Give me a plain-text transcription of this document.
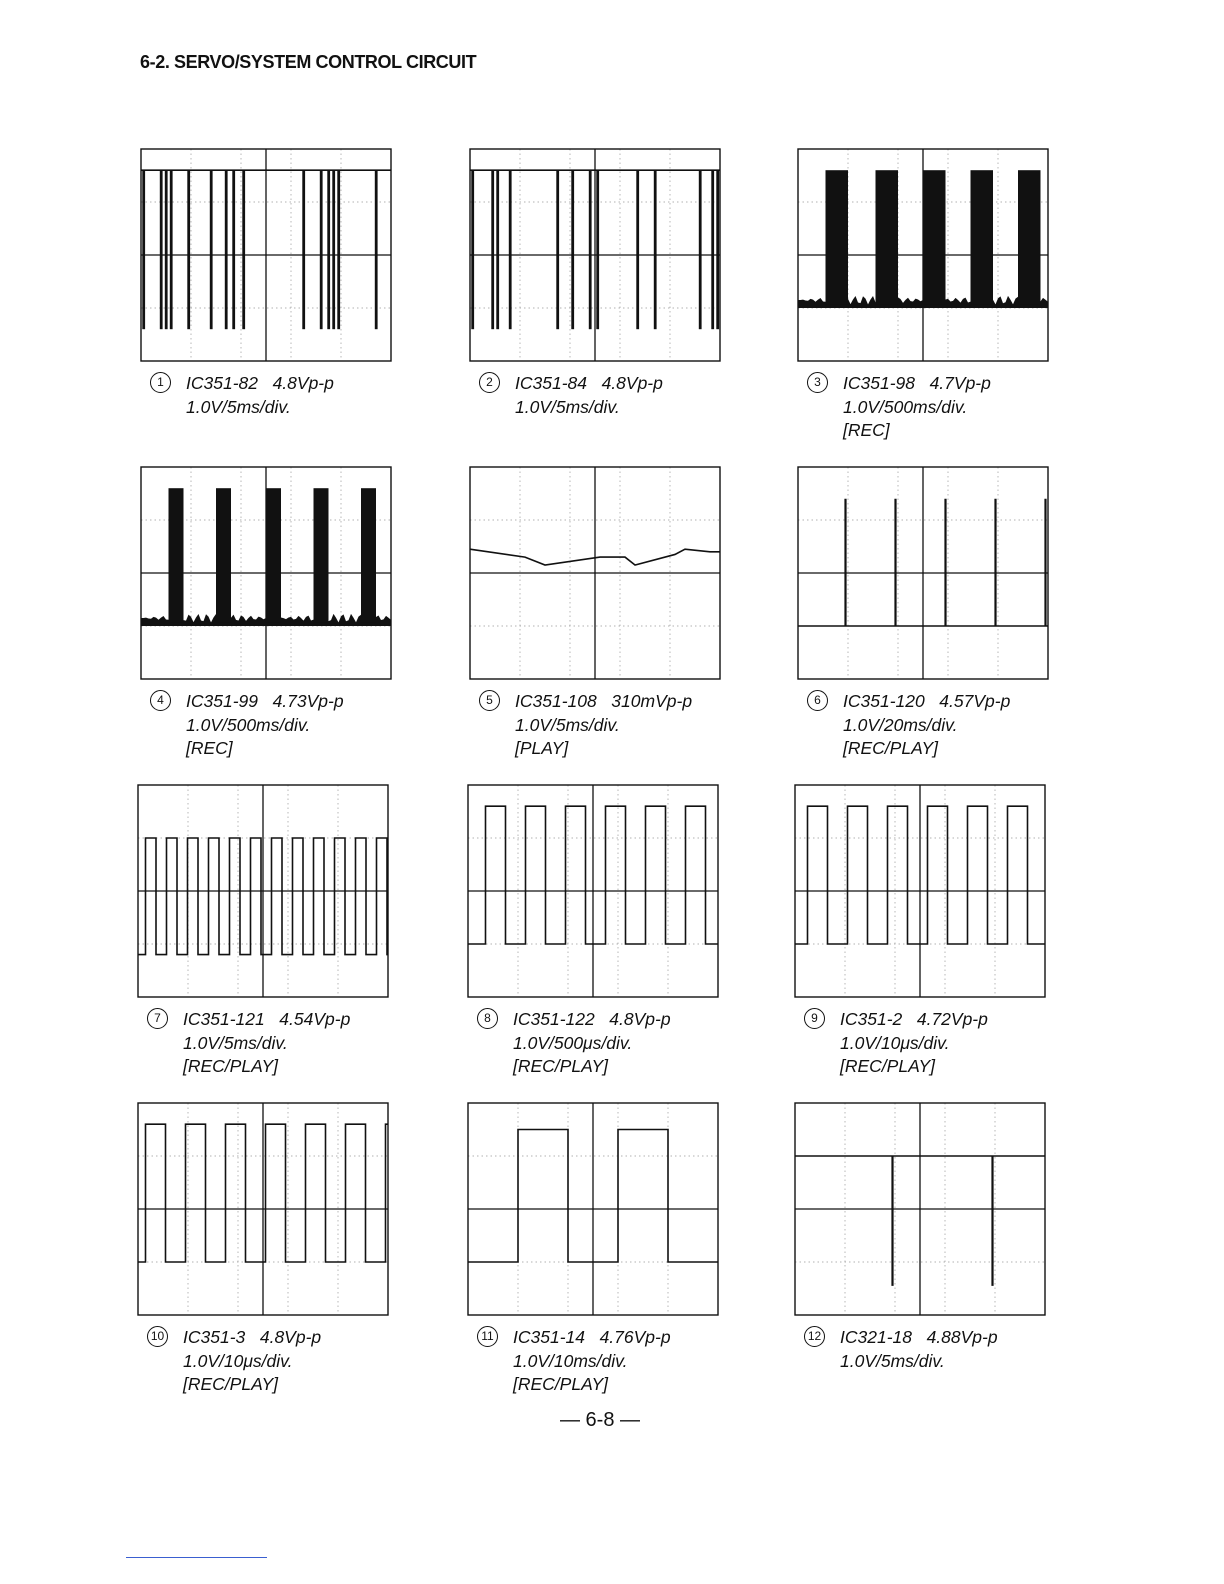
6-2. SERVO/SYSTEM CONTROL CIRCUIT
1	IC351-82   4.8Vp-p
1.0V/5ms/div.
2	IC351-84   4.8Vp-p
1.0V/5ms/div.
3	IC351-98   4.7Vp-p
1.0V/500ms/div.
[REC]
4	IC351-99   4.73Vp-p
1.0V/500ms/div.
[REC]
5	IC351-108   310mVp-p
1.0V/5ms/div.
[PLAY]
6	IC351-120   4.57Vp-p
1.0V/20ms/div.
[REC/PLAY]
7	IC351-121   4.54Vp-p
1.0V/5ms/div.
[REC/PLAY]
8	IC351-122   4.8Vp-p
1.0V/500μs/div.
[REC/PLAY]
9	IC351-2   4.72Vp-p
1.0V/10μs/div.
[REC/PLAY]
10 IC351-3   4.8Vp-p
1.0V/10μs/div.
[REC/PLAY]
11 IC351-14   4.76Vp-p
1.0V/10ms/div.
[REC/PLAY]
12 IC321-18   4.88Vp-p
1.0V/5ms/div.

— 6-8 —
